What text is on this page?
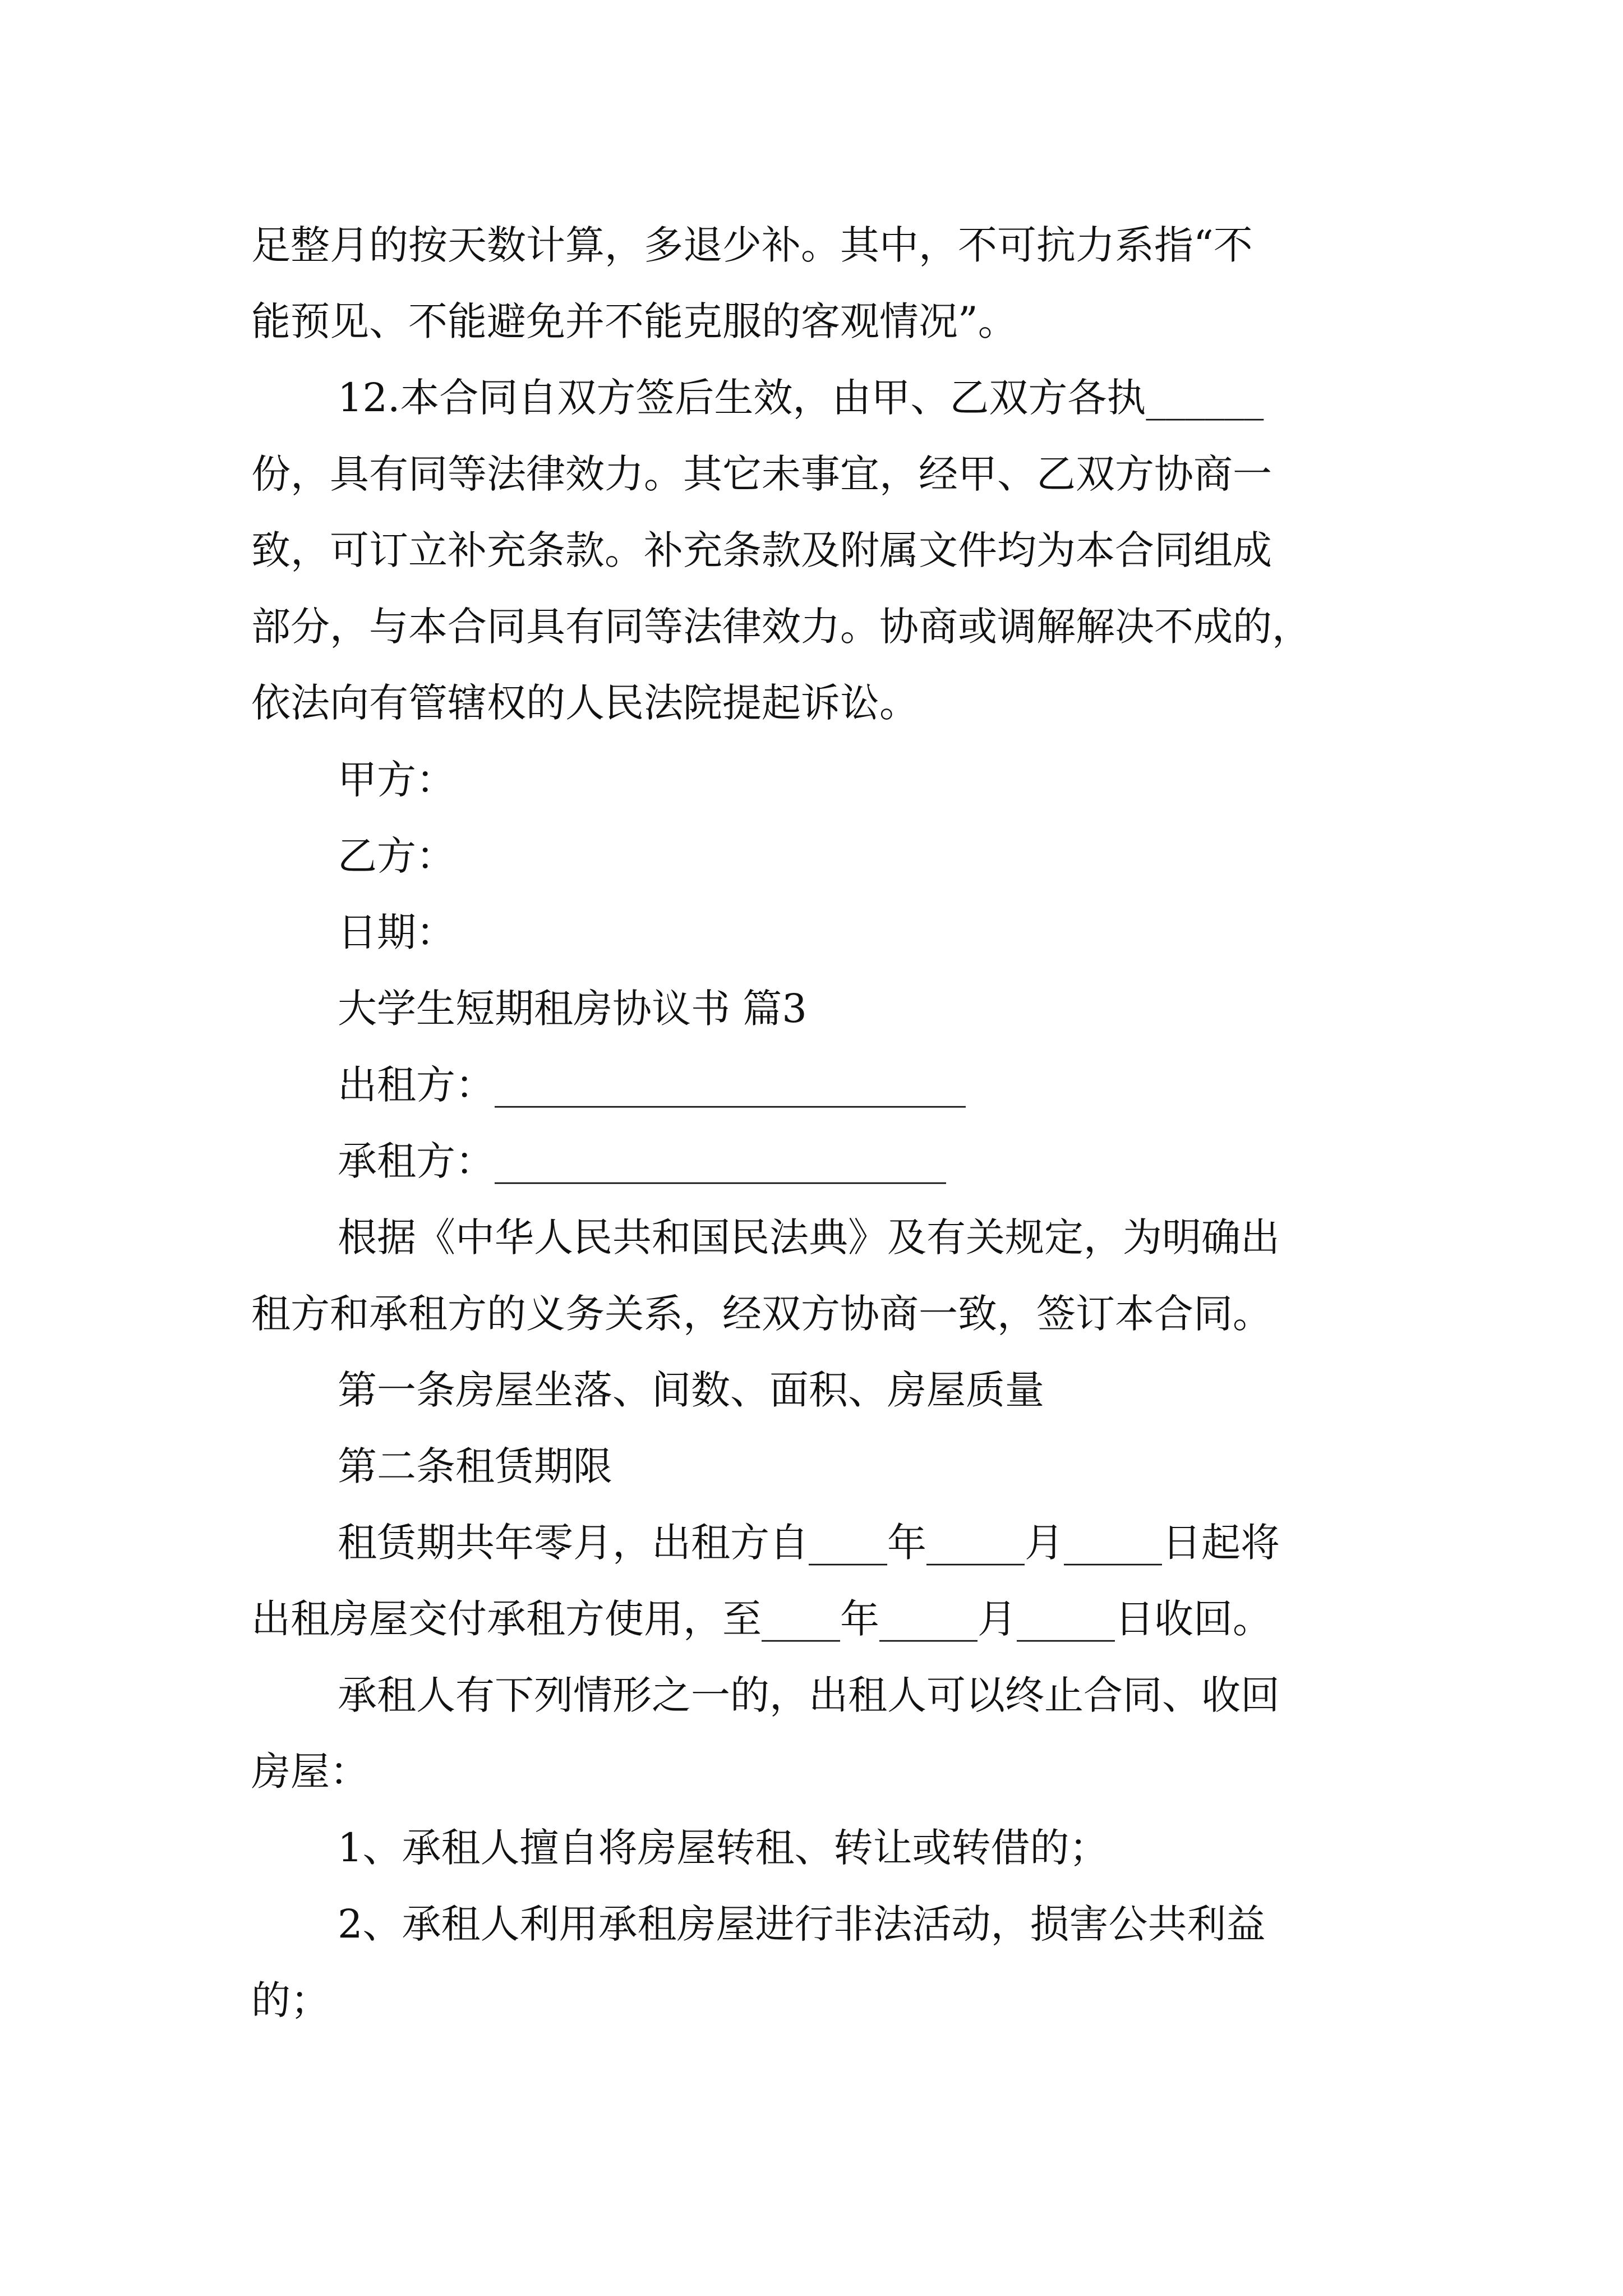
足整月的按天数计算，多退少补。其中，不可抗力系指“不

能预见、不能避免并不能克服的客观情况”。

12.本合同自双方签后生效，由甲、乙双方各执______

份，具有同等法律效力。其它未事宜，经甲、乙双方协商一

致，可订立补充条款。补充条款及附属文件均为本合同组成

部分，与本合同具有同等法律效力。协商或调解解决不成的，

依法向有管辖权的人民法院提起诉讼。

甲方：

乙方：

日期：

大学生短期租房协议书 篇3

出租方：________________________

承租方：_______________________

根据《中华人民共和国民法典》及有关规定，为明确出

租方和承租方的义务关系，经双方协商一致，签订本合同。

第一条房屋坐落、间数、面积、房屋质量

第二条租赁期限

租赁期共年零月，出租方自____年_____月_____日起将

出租房屋交付承租方使用，至____年_____月_____日收回。

承租人有下列情形之一的，出租人可以终止合同、收回

房屋：

1、承租人擅自将房屋转租、转让或转借的；

2、承租人利用承租房屋进行非法活动，损害公共利益

的；
